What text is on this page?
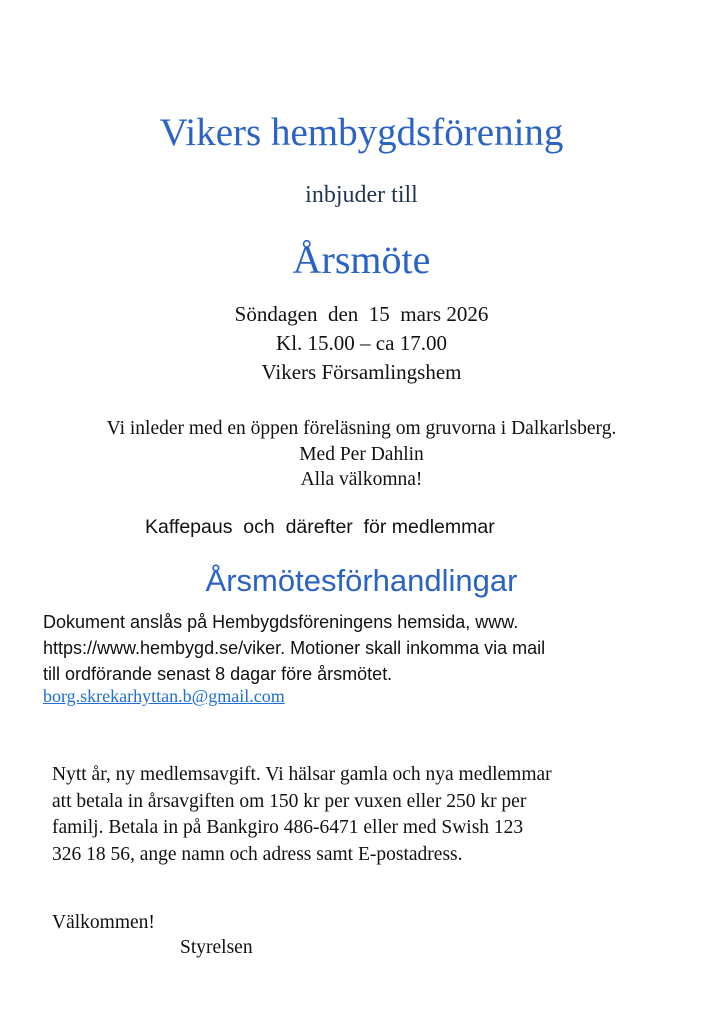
Vikers hembygdsförening
inbjuder till
Årsmöte
Söndagen  den  15  mars 2026
Kl. 15.00 – ca 17.00
Vikers Församlingshem
Vi inleder med en öppen föreläsning om gruvorna i Dalkarlsberg.
Med Per Dahlin
Alla välkomna!
Kaffepaus  och  därefter  för medlemmar
Årsmötesförhandlingar
Dokument anslås på Hembygdsföreningens hemsida, www.
https://www.hembygd.se/viker. Motioner skall inkomma via mail
till ordförande senast 8 dagar före årsmötet.
borg.skrekarhyttan.b@gmail.com
Nytt år, ny medlemsavgift. Vi hälsar gamla och nya medlemmar
att betala in årsavgiften om 150 kr per vuxen eller 250 kr per
familj. Betala in på Bankgiro 486-6471 eller med Swish 123
326 18 56, ange namn och adress samt E-postadress.
Välkommen!
Styrelsen
